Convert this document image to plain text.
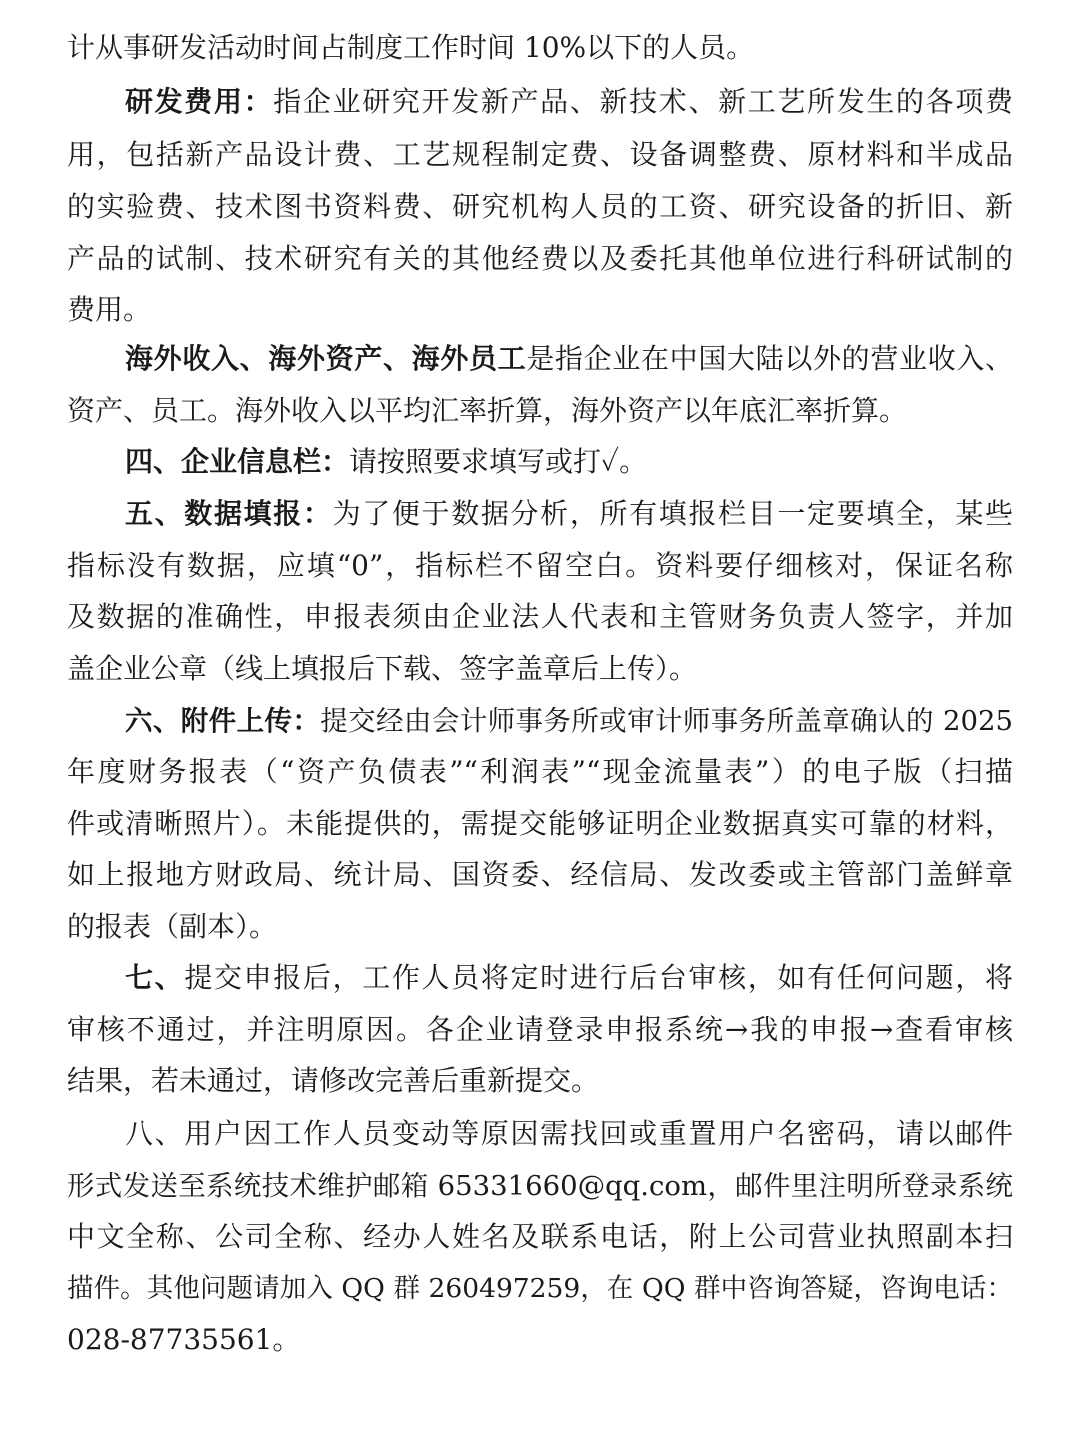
计从事研发活动时间占制度工作时间 10%以下的人员。
研发费用：指企业研究开发新产品、新技术、新工艺所发生的各项费
用，包括新产品设计费、工艺规程制定费、设备调整费、原材料和半成品
的实验费、技术图书资料费、研究机构人员的工资、研究设备的折旧、新
产品的试制、技术研究有关的其他经费以及委托其他单位进行科研试制的
费用。
海外收入、海外资产、海外员工是指企业在中国大陆以外的营业收入、
资产、员工。海外收入以平均汇率折算，海外资产以年底汇率折算。
四、企业信息栏：请按照要求填写或打✓。
五、数据填报：为了便于数据分析，所有填报栏目一定要填全，某些
指标没有数据，应填“0”，指标栏不留空白。资料要仔细核对，保证名称
及数据的准确性，申报表须由企业法人代表和主管财务负责人签字，并加
盖企业公章（线上填报后下载、签字盖章后上传）。
六、附件上传：提交经由会计师事务所或审计师事务所盖章确认的 2025
年度财务报表（“资产负债表”“利润表”“现金流量表”）的电子版（扫描
件或清晰照片）。未能提供的，需提交能够证明企业数据真实可靠的材料，
如上报地方财政局、统计局、国资委、经信局、发改委或主管部门盖鲜章
的报表（副本）。
七、提交申报后，工作人员将定时进行后台审核，如有任何问题，将
审核不通过，并注明原因。各企业请登录申报系统→我的申报→查看审核
结果，若未通过，请修改完善后重新提交。
八、用户因工作人员变动等原因需找回或重置用户名密码，请以邮件
形式发送至系统技术维护邮箱 65331660@qq.com，邮件里注明所登录系统
中文全称、公司全称、经办人姓名及联系电话，附上公司营业执照副本扫
描件。其他问题请加入 QQ 群 260497259，在 QQ 群中咨询答疑，咨询电话：
028-87735561。
